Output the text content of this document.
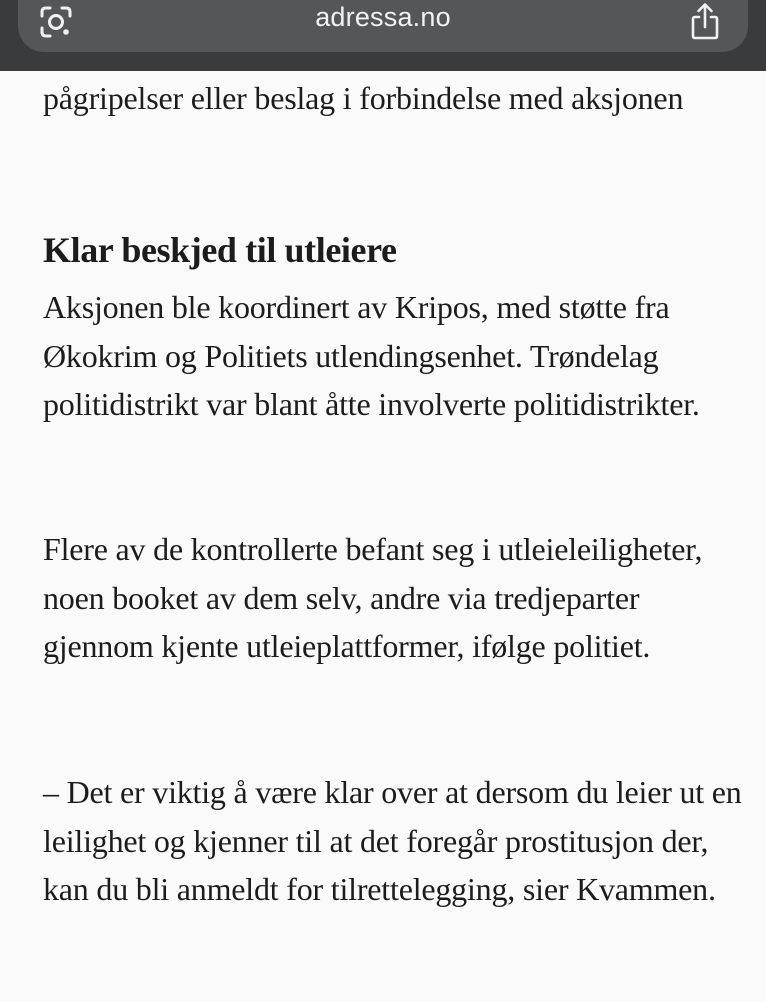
adressa.no

pågripelser eller beslag i forbindelse med aksjonen

Klar beskjed til utleiere

Aksjonen ble koordinert av Kripos, med støtte fra Økokrim og Politiets utlendingsenhet. Trøndelag politidistrikt var blant åtte involverte politidistrikter.

Flere av de kontrollerte befant seg i utleieleiligheter, noen booket av dem selv, andre via tredjeparter gjennom kjente utleieplattformer, ifølge politiet.

– Det er viktig å være klar over at dersom du leier ut en leilighet og kjenner til at det foregår prostitusjon der, kan du bli anmeldt for tilrettelegging, sier Kvammen.
